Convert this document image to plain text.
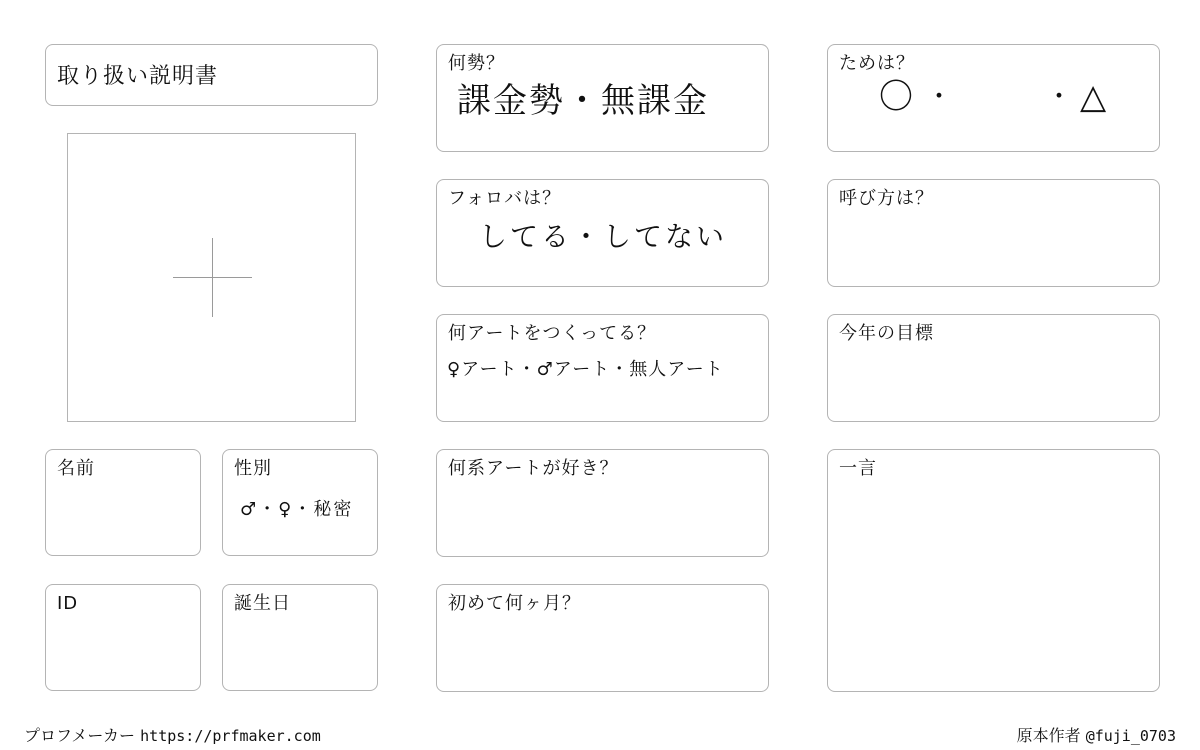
取り扱い説明書
名前	性別
♂・♀・秘密
ID	誕生日
何勢？
課金勢・無課金
フォロバは？
してる・してない
何アートをつくってる？
♀アート・♂アート・無人アート
何系アートが好き？
初めて何ヶ月？
ためは？
〇 ・	・ △
呼び方は？
今年の目標
一言
プロフメーカー https://prfmaker.com	原本作者 @fuji_0703
